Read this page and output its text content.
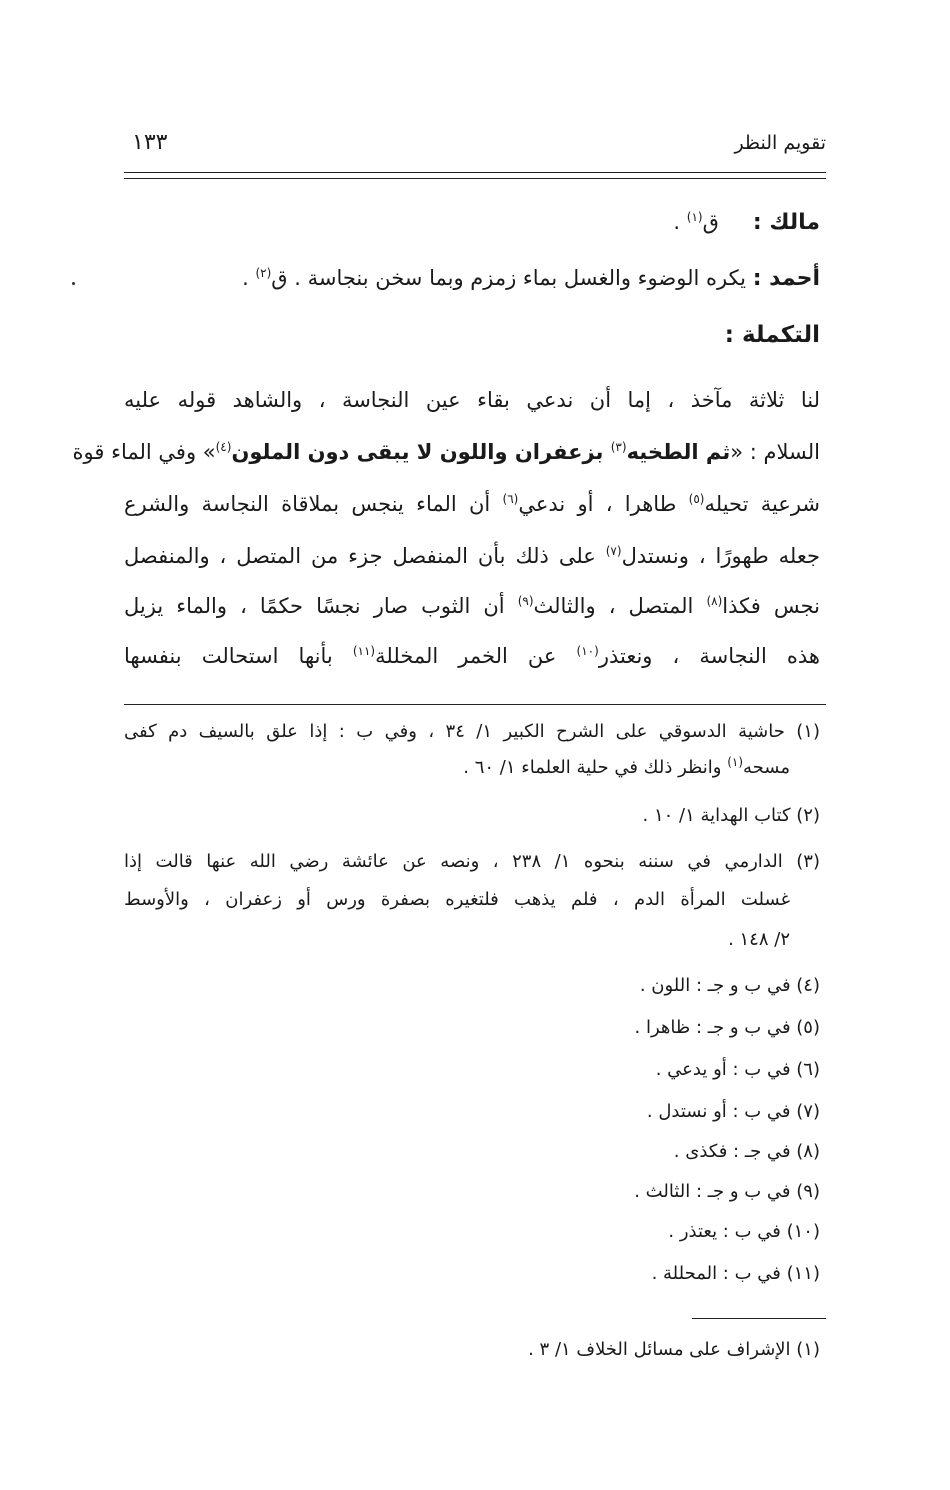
تقويم النظر
١٣٣
مالك :ق$^{(١)}$ .
أحمد : يكره الوضوء والغسل بماء زمزم وبما سخن بنجاسة . ق$^{(٢)}$ .
التكملة :
لنا ثلاثة مآخذ ، إما أن ندعي بقاء عين النجاسة ، والشاهد قوله عليه
السلام : «ثم الطخيه$^{(٣)}$ بزعفران واللون لا يبقى دون الملون$^{(٤)}$» وفي الماء قوة
شرعية تحيله$^{(٥)}$ طاهرا ، أو ندعي$^{(٦)}$ أن الماء ينجس بملاقاة النجاسة والشرع
جعله طهورًا ، ونستدل$^{(٧)}$ على ذلك بأن المنفصل جزء من المتصل ، والمنفصل
نجس فكذا$^{(٨)}$ المتصل ، والثالث$^{(٩)}$ أن الثوب صار نجسًا حكمًا ، والماء يزيل
هذه النجاسة ، ونعتذر$^{(١٠)}$ عن الخمر المخللة$^{(١١)}$ بأنها استحالت بنفسها
(١) حاشية الدسوقي على الشرح الكبير ١/ ٣٤ ، وفي ب : إذا علق بالسيف دم كفى
مسحه$^{(١)}$ وانظر ذلك في حلية العلماء ١/ ٦٠ .
(٢) كتاب الهداية ١/ ١٠ .
(٣) الدارمي في سننه بنحوه ١/ ٢٣٨ ، ونصه عن عائشة رضي الله عنها قالت إذا
غسلت المرأة الدم ، فلم يذهب فلتغيره بصفرة ورس أو زعفران ، والأوسط
٢/ ١٤٨ .
(٤) في ب و جـ : اللون .
(٥) في ب و جـ : ظاهرا .
(٦) في ب : أو يدعي .
(٧) في ب : أو نستدل .
(٨) في جـ : فكذى .
(٩) في ب و جـ : الثالث .
(١٠) في ب : يعتذر .
(١١) في ب : المحللة .
(١) الإشراف على مسائل الخلاف ١/ ٣ .
